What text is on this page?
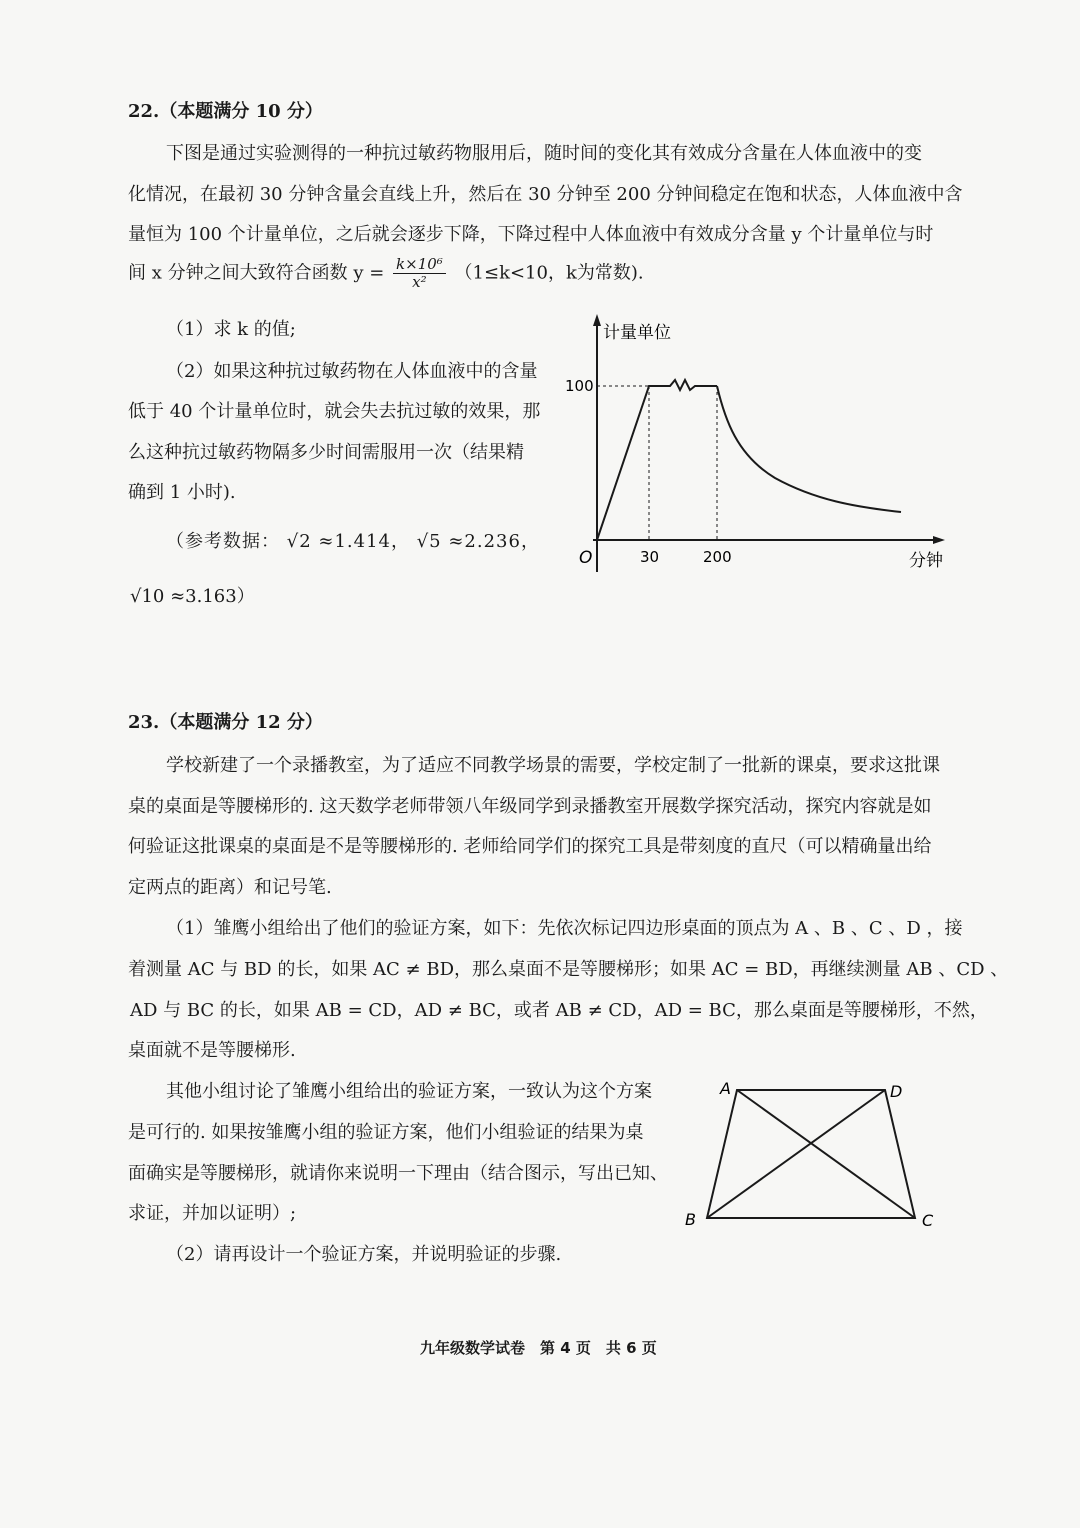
22.（本题满分 10 分）
下图是通过实验测得的一种抗过敏药物服用后，随时间的变化其有效成分含量在人体血液中的变
化情况，在最初 30 分钟含量会直线上升，然后在 30 分钟至 200 分钟间稳定在饱和状态，人体血液中含
量恒为 100 个计量单位，之后就会逐步下降，下降过程中人体血液中有效成分含量 y 个计量单位与时
间 x 分钟之间大致符合函数 $y = \frac{\text{k×10⁶}}{\text{x²}} (1\le k<10$，k为常数).
（1）求 k 的值;
（2）如果这种抗过敏药物在人体血液中的含量
低于 40 个计量单位时，就会失去抗过敏的效果，那
么这种抗过敏药物隔多少时间需服用一次（结果精
确到 1 小时).
（参考数据： √2 ≈1.414， √5 ≈2.236，
√10 ≈3.163）
计量单位
分钟
O
100
30	200
23.（本题满分 12 分）
学校新建了一个录播教室，为了适应不同教学场景的需要，学校定制了一批新的课桌，要求这批课
桌的桌面是等腰梯形的. 这天数学老师带领八年级同学到录播教室开展数学探究活动，探究内容就是如
何验证这批课桌的桌面是不是等腰梯形的. 老师给同学们的探究工具是带刻度的直尺（可以精确量出给
定两点的距离）和记号笔.
（1）雏鹰小组给出了他们的验证方案，如下：先依次标记四边形桌面的顶点为 A 、B 、C 、D ，接
着测量 AC 与 BD 的长，如果 AC ≠ BD，那么桌面不是等腰梯形；如果 AC = BD，再继续测量 AB 、CD 、
AD 与 BC 的长，如果 AB = CD，AD ≠ BC，或者 AB ≠ CD，AD = BC，那么桌面是等腰梯形，不然，
桌面就不是等腰梯形.
其他小组讨论了雏鹰小组给出的验证方案，一致认为这个方案
是可行的. 如果按雏鹰小组的验证方案，他们小组验证的结果为桌
面确实是等腰梯形，就请你来说明一下理由（结合图示，写出已知、
求证，并加以证明）;
（2）请再设计一个验证方案，并说明验证的步骤.
A
B	C
D
九年级数学试卷　第 4 页　共 6 页
